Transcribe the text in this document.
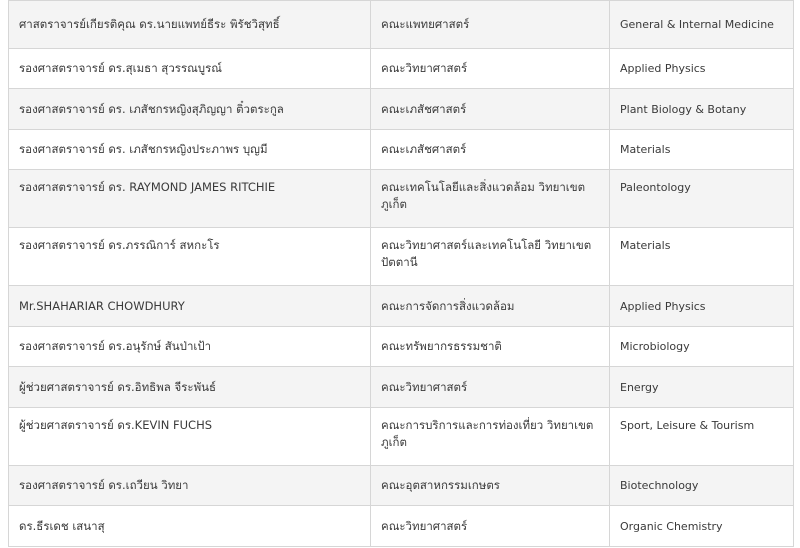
ศาสตราจารย์เกียรติคุณ ดร.นายแพทย์ธีระ พิรัชวิสุทธิ์	คณะแพทยศาสตร์	General & Internal Medicine
รองศาสตราจารย์ ดร.สุเมธา สุวรรณบูรณ์	คณะวิทยาศาสตร์	Applied Physics
รองศาสตราจารย์ ดร. เภสัชกรหญิงสุภิญญา ติ๋วตระกูล	คณะเภสัชศาสตร์	Plant Biology & Botany
รองศาสตราจารย์ ดร. เภสัชกรหญิงประภาพร บุญมี	คณะเภสัชศาสตร์	Materials
รองศาสตราจารย์ ดร. RAYMOND JAMES RITCHIE	คณะเทคโนโลยีและสิ่งแวดล้อม วิทยาเขตภูเก็ต	Paleontology
รองศาสตราจารย์ ดร.ภรรณิการ์ สหกะโร	คณะวิทยาศาสตร์และเทคโนโลยี วิทยาเขตปัตตานี	Materials
Mr.SHAHARIAR CHOWDHURY	คณะการจัดการสิ่งแวดล้อม	Applied Physics
รองศาสตราจารย์ ดร.อนุรักษ์ สันป่าเป้า	คณะทรัพยากรธรรมชาติ	Microbiology
ผู้ช่วยศาสตราจารย์ ดร.อิทธิพล จีระพันธ์	คณะวิทยาศาสตร์	Energy
ผู้ช่วยศาสตราจารย์ ดร.KEVIN FUCHS	คณะการบริการและการท่องเที่ยว วิทยาเขตภูเก็ต	Sport, Leisure & Tourism
รองศาสตราจารย์ ดร.เถวียน วิทยา	คณะอุตสาหกรรมเกษตร	Biotechnology
ดร.ธีรเดช เสนาสุ	คณะวิทยาศาสตร์	Organic Chemistry
